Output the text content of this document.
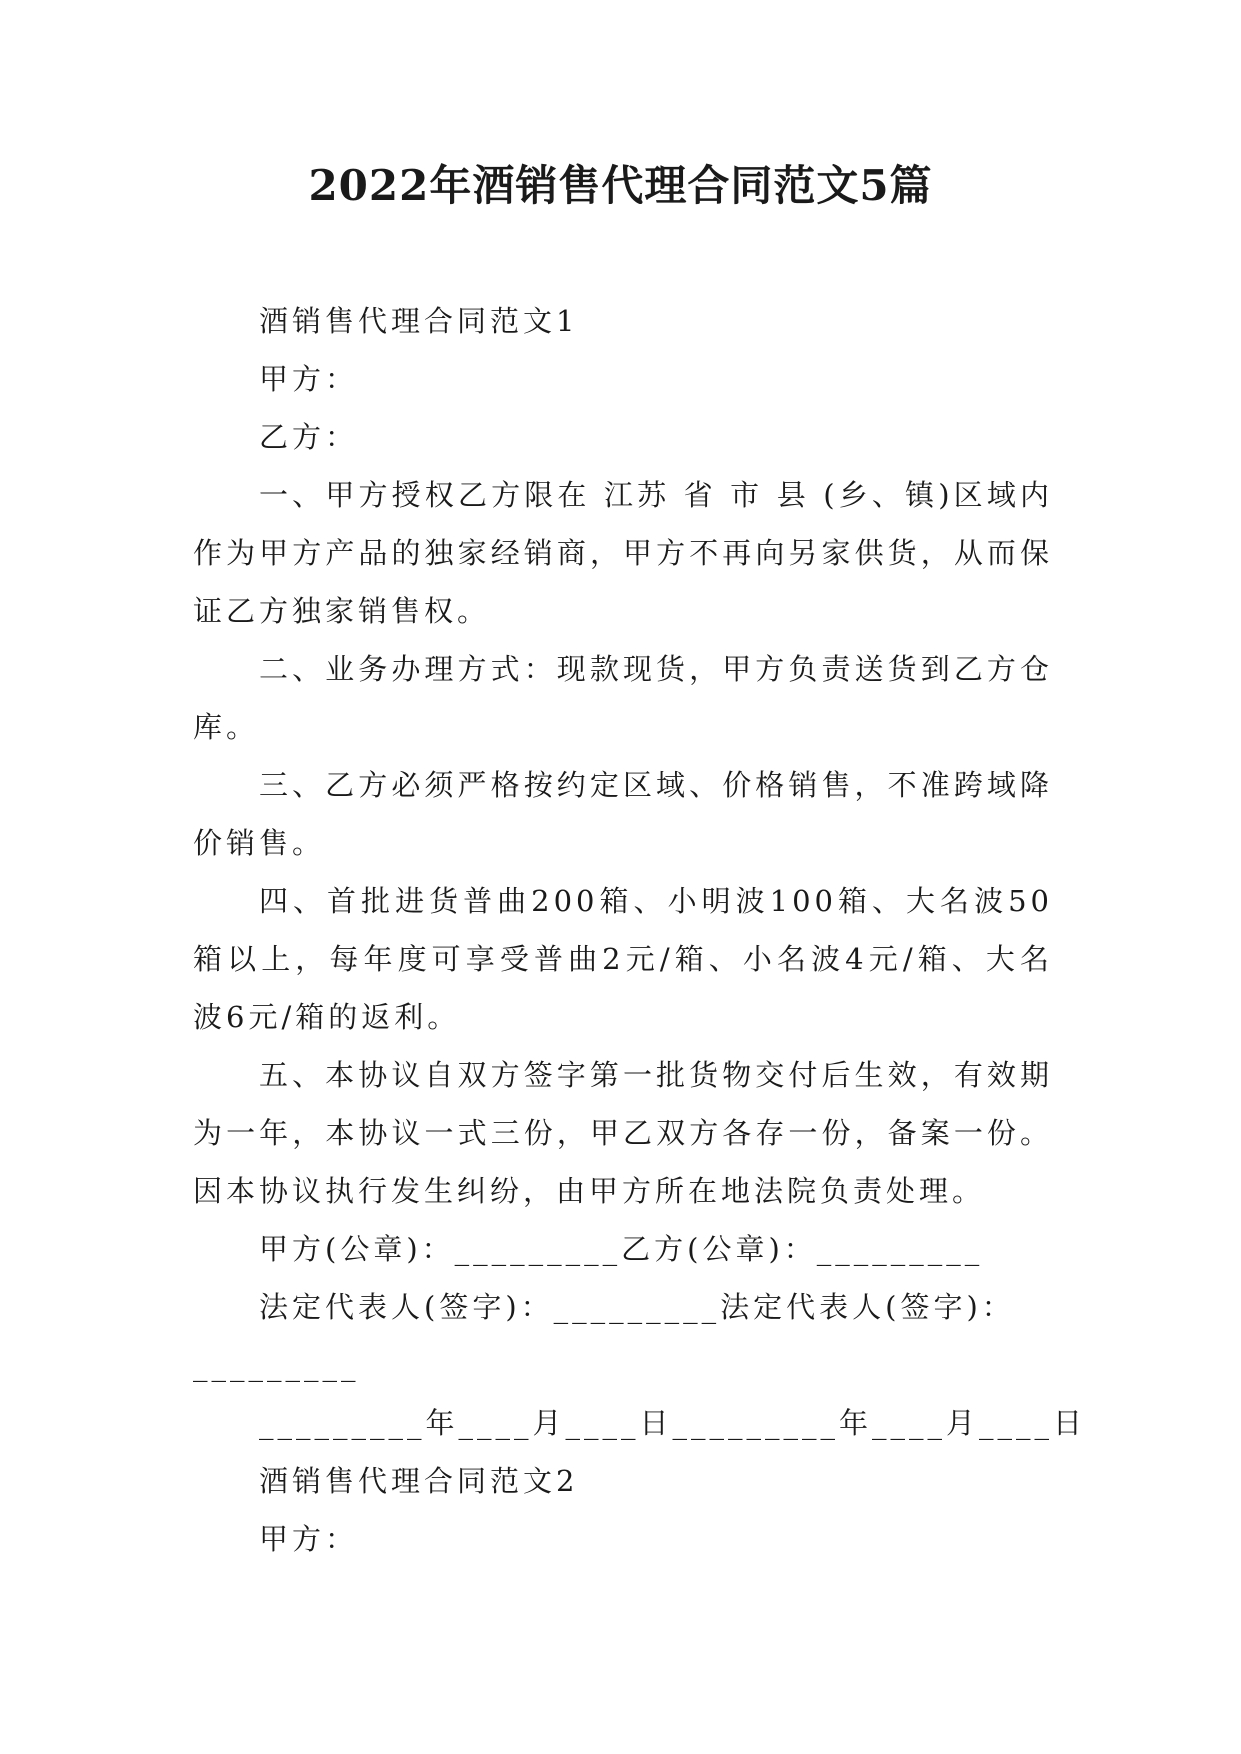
2022年酒销售代理合同范文5篇

酒销售代理合同范文1

甲方：

乙方：

一、甲方授权乙方限在 江苏 省 市 县 (乡、镇)区域内作为甲方产品的独家经销商，甲方不再向另家供货，从而保证乙方独家销售权。

二、业务办理方式：现款现货，甲方负责送货到乙方仓库。

三、乙方必须严格按约定区域、价格销售，不准跨域降价销售。

四、首批进货普曲200箱、小明波100箱、大名波50箱以上，每年度可享受普曲2元/箱、小名波4元/箱、大名波6元/箱的返利。

五、本协议自双方签字第一批货物交付后生效，有效期为一年，本协议一式三份，甲乙双方各存一份，备案一份。因本协议执行发生纠纷，由甲方所在地法院负责处理。

甲方(公章)：_________乙方(公章)：_________
法定代表人(签字)：_________法定代表人(签字)：
_________
_________年____月____日_________年____月____日

酒销售代理合同范文2

甲方：
